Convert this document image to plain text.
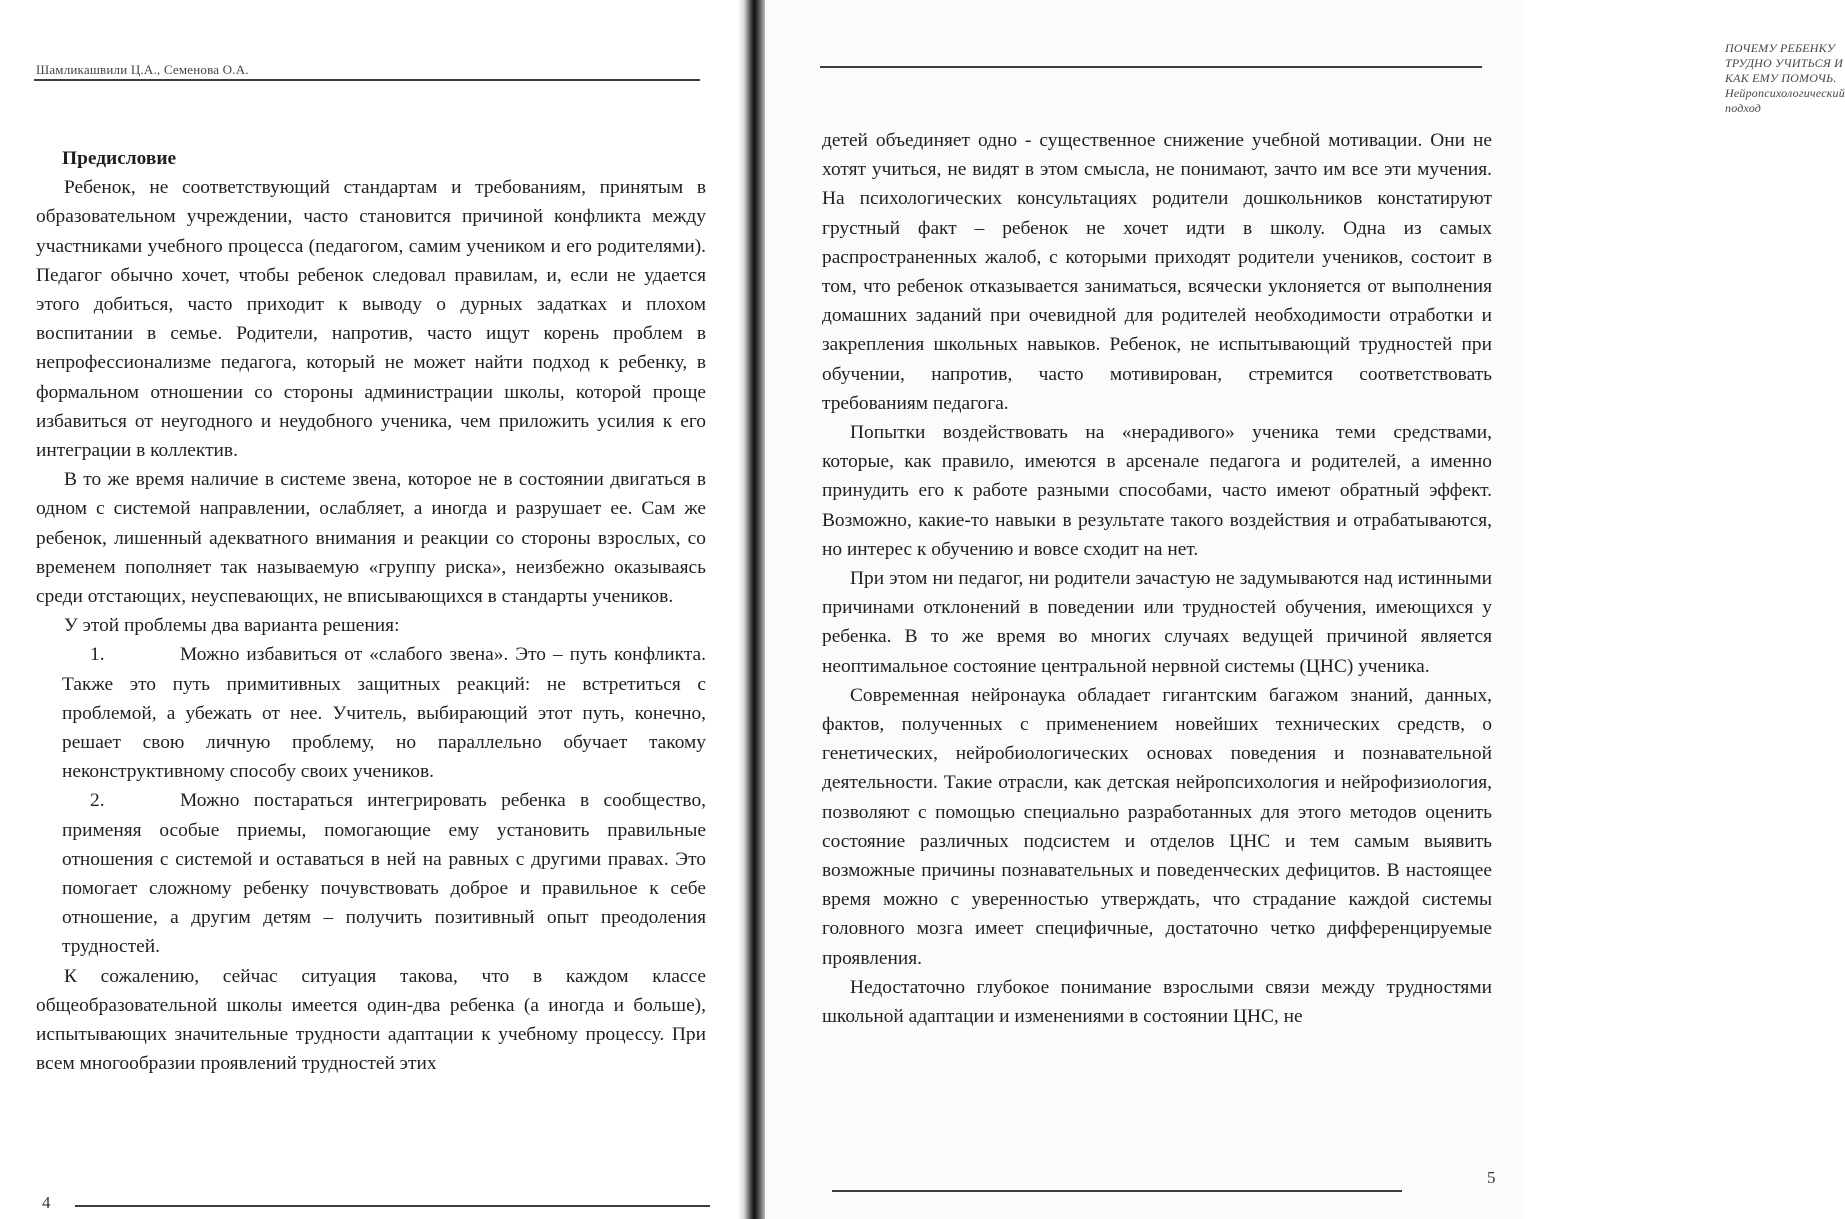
Шамликашвили Ц.А., Семенова О.А.
Предисловие

Ребенок, не соответствующий стандартам и требованиям, принятым в образовательном учреждении, часто становится причиной конфликта между участниками учебного процесса (педагогом, самим учеником и его родителями). Педагог обычно хочет, чтобы ребенок следовал правилам, и, если не удается этого добиться, часто приходит к выводу о дурных задатках и плохом воспитании в семье. Родители, напротив, часто ищут корень проблем в непрофессионализме педагога, который не может найти подход к ребенку, в формальном отношении со стороны администрации школы, которой проще избавиться от неугодного и неудобного ученика, чем приложить усилия к его интеграции в коллектив.

В то же время наличие в системе звена, которое не в состоянии двигаться в одном с системой направлении, ослабляет, а иногда и разрушает ее. Сам же ребенок, лишенный адекватного внимания и реакции со стороны взрослых, со временем пополняет так называемую «группу риска», неизбежно оказываясь среди отстающих, неуспевающих, не вписывающихся в стандарты учеников.

У этой проблемы два варианта решения:

1.	Можно избавиться от «слабого звена». Это – путь конфликта. Также это путь примитивных защитных реакций: не встретиться с проблемой, а убежать от нее. Учитель, выбирающий этот путь, конечно, решает свою личную проблему, но параллельно обучает такому неконструктивному способу своих учеников.

2.	Можно постараться интегрировать ребенка в сообщество, применяя особые приемы, помогающие ему установить правильные отношения с системой и оставаться в ней на равных с другими правах. Это помогает сложному ребенку почувствовать доброе и правильное к себе отношение, а другим детям – получить позитивный опыт преодоления трудностей.

К сожалению, сейчас ситуация такова, что в каждом классе общеобразовательной школы имеется один-два ребенка (а иногда и больше), испытывающих значительные трудности адаптации к учебному процессу. При всем многообразии проявлений трудностей этих

4
ПОЧЕМУ РЕБЕНКУ ТРУДНО УЧИТЬСЯ И КАК ЕМУ ПОМОЧЬ. Нейропсихологический подход

детей объединяет одно - существенное снижение учебной мотивации. Они не хотят учиться, не видят в этом смысла, не понимают, зачто им все эти мучения. На психологических консультациях родители дошкольников констатируют грустный факт – ребенок не хочет идти в школу. Одна из самых распространенных жалоб, с которыми приходят родители учеников, состоит в том, что ребенок отказывается заниматься, всячески уклоняется от выполнения домашних заданий при очевидной для родителей необходимости отработки и закрепления школьных навыков. Ребенок, не испытывающий трудностей при обучении, напротив, часто мотивирован, стремится соответствовать требованиям педагога.

Попытки воздействовать на «нерадивого» ученика теми средствами, которые, как правило, имеются в арсенале педагога и родителей, а именно принудить его к работе разными способами, часто имеют обратный эффект. Возможно, какие-то навыки в результате такого воздействия и отрабатываются, но интерес к обучению и вовсе сходит на нет.

При этом ни педагог, ни родители зачастую не задумываются над истинными причинами отклонений в поведении или трудностей обучения, имеющихся у ребенка. В то же время во многих случаях ведущей причиной является неоптимальное состояние центральной нервной системы (ЦНС) ученика.

Современная нейронаука обладает гигантским багажом знаний, данных, фактов, полученных с применением новейших технических средств, о генетических, нейробиологических основах поведения и познавательной деятельности. Такие отрасли, как детская нейропсихология и нейрофизиология, позволяют с помощью специально разработанных для этого методов оценить состояние различных подсистем и отделов ЦНС и тем самым выявить возможные причины познавательных и поведенческих дефицитов. В настоящее время можно с уверенностью утверждать, что страдание каждой системы головного мозга имеет специфичные, достаточно четко дифференцируемые проявления.

Недостаточно глубокое понимание взрослыми связи между трудностями школьной адаптации и изменениями в состоянии ЦНС, не

5
